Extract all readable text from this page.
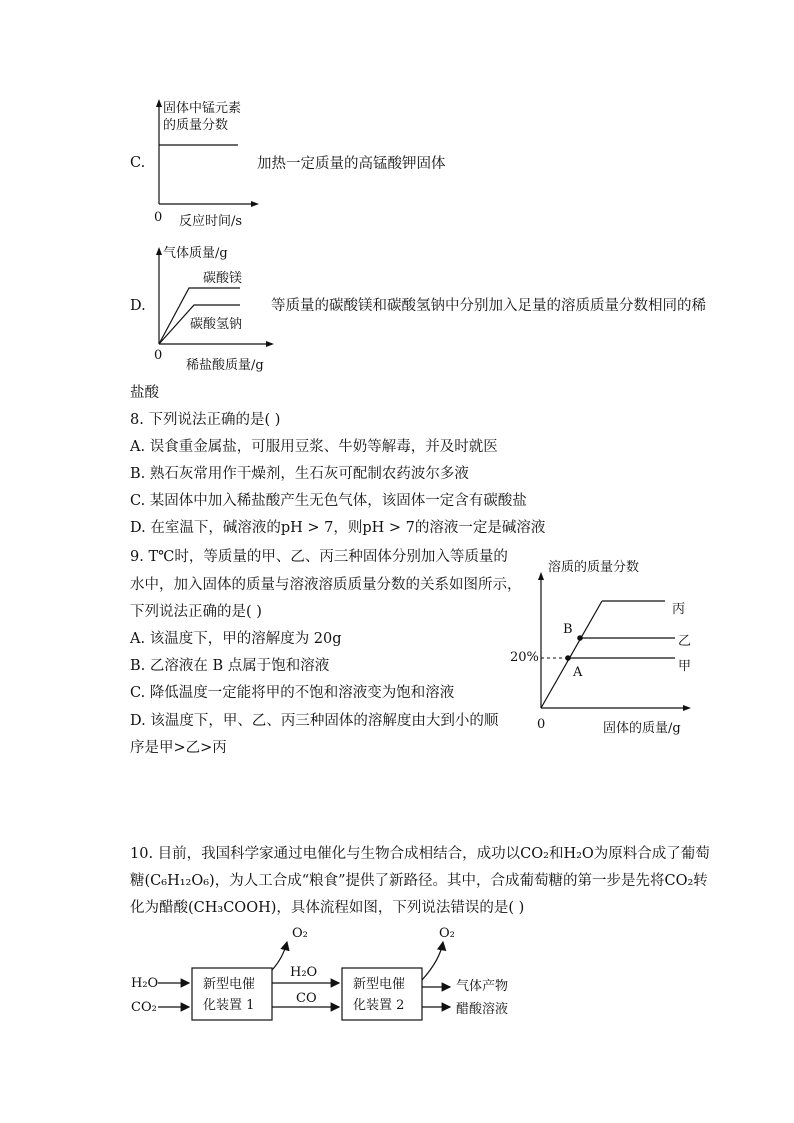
C.
固体中锰元素
的质量分数
0 反应时间/s
加热一定质量的高锰酸钾固体
D.
气体质量/g
碳酸镁
碳酸氢钠
0
稀盐酸质量/g
等质量的碳酸镁和碳酸氢钠中分别加入足量的溶质质量分数相同的稀
盐酸
8. 下列说法正确的是( )
A. 误食重金属盐，可服用豆浆、牛奶等解毒，并及时就医
B. 熟石灰常用作干燥剂，生石灰可配制农药波尔多液
C. 某固体中加入稀盐酸产生无色气体，该固体一定含有碳酸盐
D. 在室温下，碱溶液的pH > 7，则pH > 7的溶液一定是碱溶液
9. T℃时，等质量的甲、乙、丙三种固体分别加入等质量的
水中，加入固体的质量与溶液溶质质量分数的关系如图所示，
下列说法正确的是( )
A. 该温度下，甲的溶解度为 20g
B. 乙溶液在 B 点属于饱和溶液
C. 降低温度一定能将甲的不饱和溶液变为饱和溶液
D. 该温度下，甲、乙、丙三种固体的溶解度由大到小的顺
序是甲>乙>丙
溶质的质量分数
20%
B
A
丙
乙
甲
0	固体的质量/g
10. 目前，我国科学家通过电催化与生物合成相结合，成功以CO₂和H₂O为原料合成了葡萄
糖(C₆H₁₂O₆)，为人工合成“粮食”提供了新路径。其中，合成葡萄糖的第一步是先将CO₂转
化为醋酸(CH₃COOH)，具体流程如图，下列说法错误的是( )
H₂O
CO₂
新型电催
化装置 1
O₂
H₂O
CO
新型电催
化装置 2
O₂
气体产物
醋酸溶液
